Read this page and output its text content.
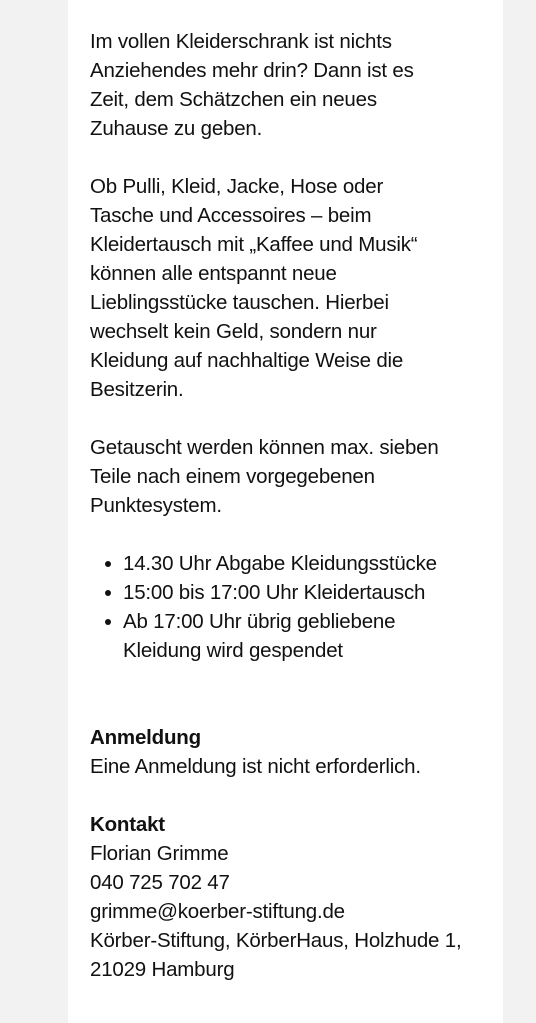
Im vollen Kleiderschrank ist nichts
Anziehendes mehr drin? Dann ist es
Zeit, dem Schätzchen ein neues
Zuhause zu geben.

Ob Pulli, Kleid, Jacke, Hose oder
Tasche und Accessoires – beim
Kleidertausch mit „Kaffee und Musik“
können alle entspannt neue
Lieblingsstücke tauschen. Hierbei
wechselt kein Geld, sondern nur
Kleidung auf nachhaltige Weise die
Besitzerin.

Getauscht werden können max. sieben
Teile nach einem vorgegebenen
Punktesystem.

14.30 Uhr Abgabe Kleidungsstücke
15:00 bis 17:00 Uhr Kleidertausch
Ab 17:00 Uhr übrig gebliebene
Kleidung wird gespendet

Anmeldung
Eine Anmeldung ist nicht erforderlich.

Kontakt
Florian Grimme
040 725 702 47
grimme@koerber-stiftung.de
Körber-Stiftung, KörberHaus, Holzhude 1,
21029 Hamburg
